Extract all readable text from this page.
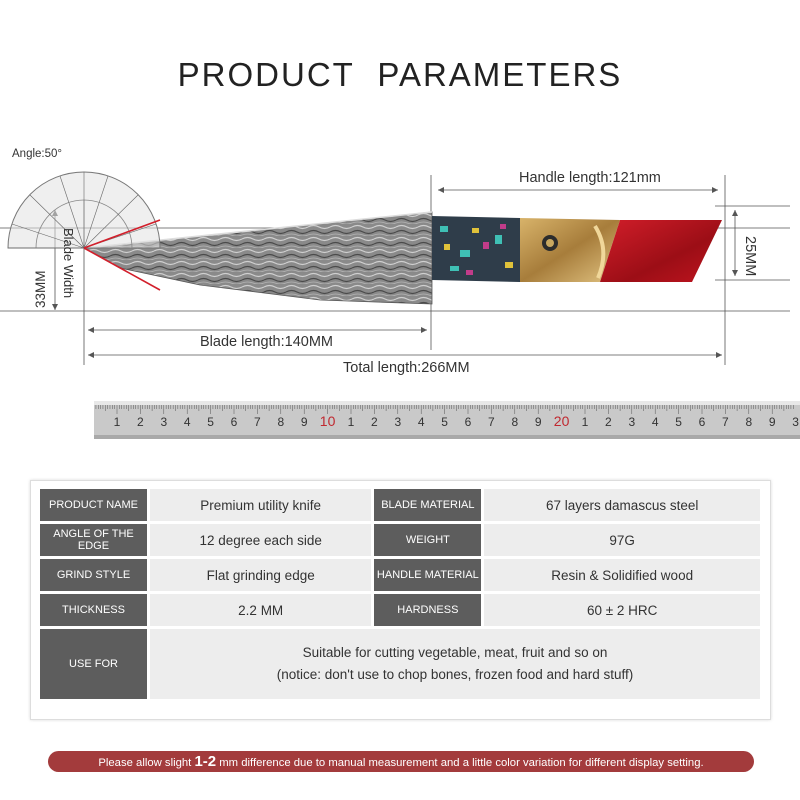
PRODUCT PARAMETERS
Angle:50°
Handle length:121mm
25MM
Blade Width
33MM
Blade length:140MM
Total length:266MM
1 2 3 4 5 6 7 8 9 10 1 2 3 4 5 6 7 8 9 20 1 2 3 4 5 6 7 8 9 3
PRODUCT NAME	Premium utility knife	BLADE MATERIAL	67 layers damascus steel
ANGLE OF THE EDGE	12 degree each side	WEIGHT	97G
GRIND STYLE	Flat grinding edge	HANDLE MATERIAL	Resin & Solidified wood
THICKNESS	2.2 MM	HARDNESS	60 ± 2 HRC
USE FOR	Suitable for cutting vegetable, meat, fruit and so on
(notice: don't use to chop bones, frozen food and hard stuff)		
Please allow slight 1-2 mm difference due to manual measurement and a little color variation for different display setting.
